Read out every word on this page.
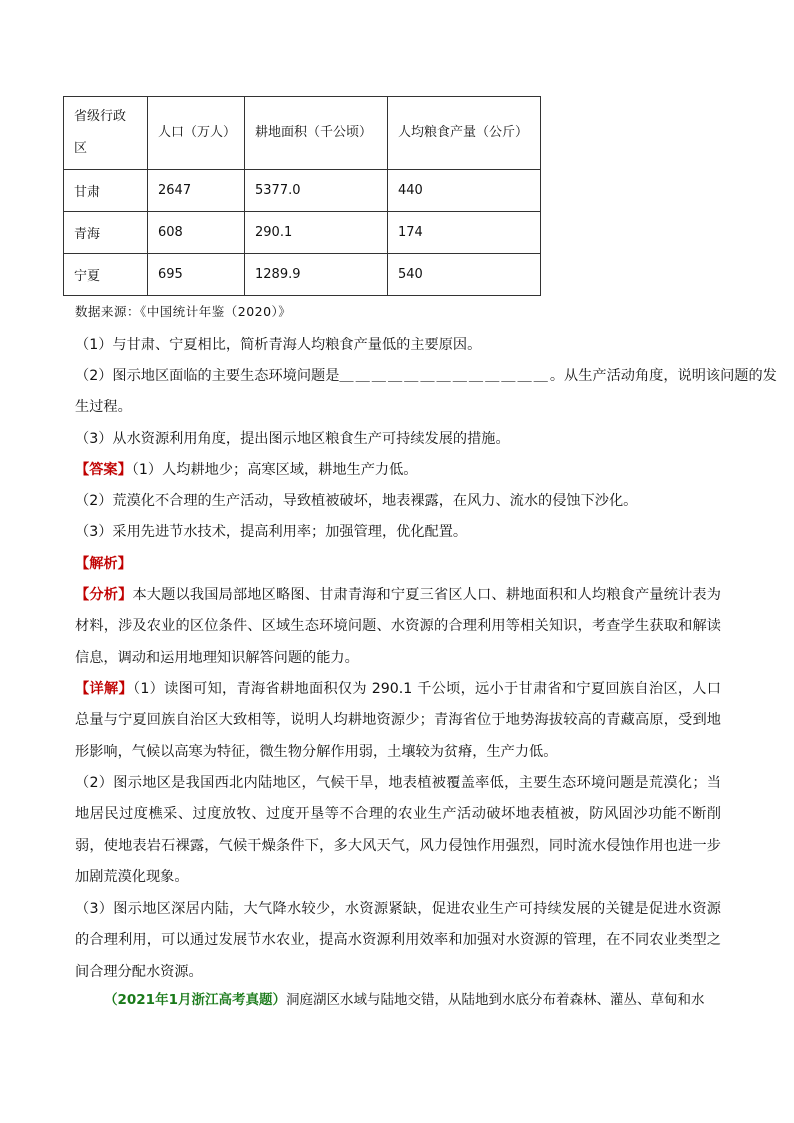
省级行政
区	人口（万人）	耕地面积（千公顷）	人均粮食产量（公斤）
甘肃	2647	5377.0	440
青海	608	290.1	174
宁夏	695	1289.9	540
数据来源：《中国统计年鉴（2020）》
（1）与甘肃、宁夏相比，简析青海人均粮食产量低的主要原因。
（2）图示地区面临的主要生态环境问题是＿＿＿＿＿＿＿＿＿＿＿＿＿。从生产活动角度，说明该问题的发
生过程。
（3）从水资源利用角度，提出图示地区粮食生产可持续发展的措施。
【答案】（1）人均耕地少；高寒区域，耕地生产力低。
（2）荒漠化不合理的生产活动，导致植被破坏，地表裸露，在风力、流水的侵蚀下沙化。
（3）采用先进节水技术，提高利用率；加强管理，优化配置。
【解析】
【分析】本大题以我国局部地区略图、甘肃青海和宁夏三省区人口、耕地面积和人均粮食产量统计表为材料，涉及农业的区位条件、区域生态环境问题、水资源的合理利用等相关知识，考查学生获取和解读信息，调动和运用地理知识解答问题的能力。
【详解】（1）读图可知，青海省耕地面积仅为 290.1 千公顷，远小于甘肃省和宁夏回族自治区，人口总量与宁夏回族自治区大致相等，说明人均耕地资源少；青海省位于地势海拔较高的青藏高原，受到地形影响，气候以高寒为特征，微生物分解作用弱，土壤较为贫瘠，生产力低。
（2）图示地区是我国西北内陆地区，气候干旱，地表植被覆盖率低，主要生态环境问题是荒漠化；当地居民过度樵采、过度放牧、过度开垦等不合理的农业生产活动破坏地表植被，防风固沙功能不断削弱，使地表岩石裸露，气候干燥条件下，多大风天气，风力侵蚀作用强烈，同时流水侵蚀作用也进一步加剧荒漠化现象。
（3）图示地区深居内陆，大气降水较少，水资源紧缺，促进农业生产可持续发展的关键是促进水资源的合理利用，可以通过发展节水农业，提高水资源利用效率和加强对水资源的管理，在不同农业类型之间合理分配水资源。
（2021年1月浙江高考真题）洞庭湖区水域与陆地交错，从陆地到水底分布着森林、灌丛、草甸和水
